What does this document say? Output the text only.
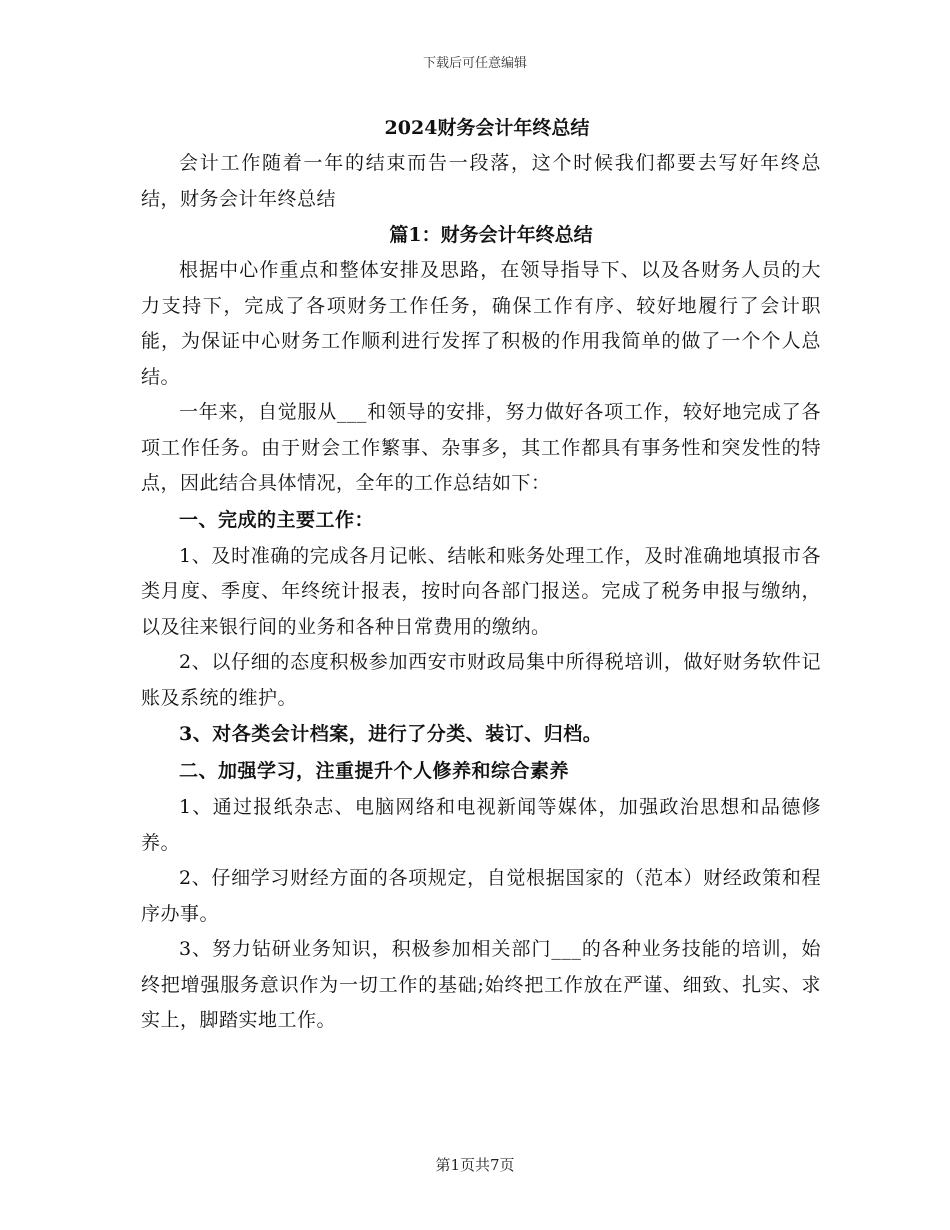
下载后可任意编辑
2024财务会计年终总结

会计工作随着一年的结束而告一段落，这个时候我们都要去写好年终总结，财务会计年终总结

篇1：财务会计年终总结

根据中心作重点和整体安排及思路，在领导指导下、以及各财务人员的大力支持下，完成了各项财务工作任务，确保工作有序、较好地履行了会计职能，为保证中心财务工作顺利进行发挥了积极的作用我简单的做了一个个人总结。

一年来，自觉服从___和领导的安排，努力做好各项工作，较好地完成了各项工作任务。由于财会工作繁事、杂事多，其工作都具有事务性和突发性的特点，因此结合具体情况，全年的工作总结如下：

一、完成的主要工作：

1、及时准确的完成各月记帐、结帐和账务处理工作，及时准确地填报市各类月度、季度、年终统计报表，按时向各部门报送。完成了税务申报与缴纳，以及往来银行间的业务和各种日常费用的缴纳。

2、以仔细的态度积极参加西安市财政局集中所得税培训，做好财务软件记账及系统的维护。

3、对各类会计档案，进行了分类、装订、归档。

二、加强学习，注重提升个人修养和综合素养

1、通过报纸杂志、电脑网络和电视新闻等媒体，加强政治思想和品德修养。

2、仔细学习财经方面的各项规定，自觉根据国家的（范本）财经政策和程序办事。

3、努力钻研业务知识，积极参加相关部门___的各种业务技能的培训，始终把增强服务意识作为一切工作的基础;始终把工作放在严谨、细致、扎实、求实上，脚踏实地工作。

第1页共7页
